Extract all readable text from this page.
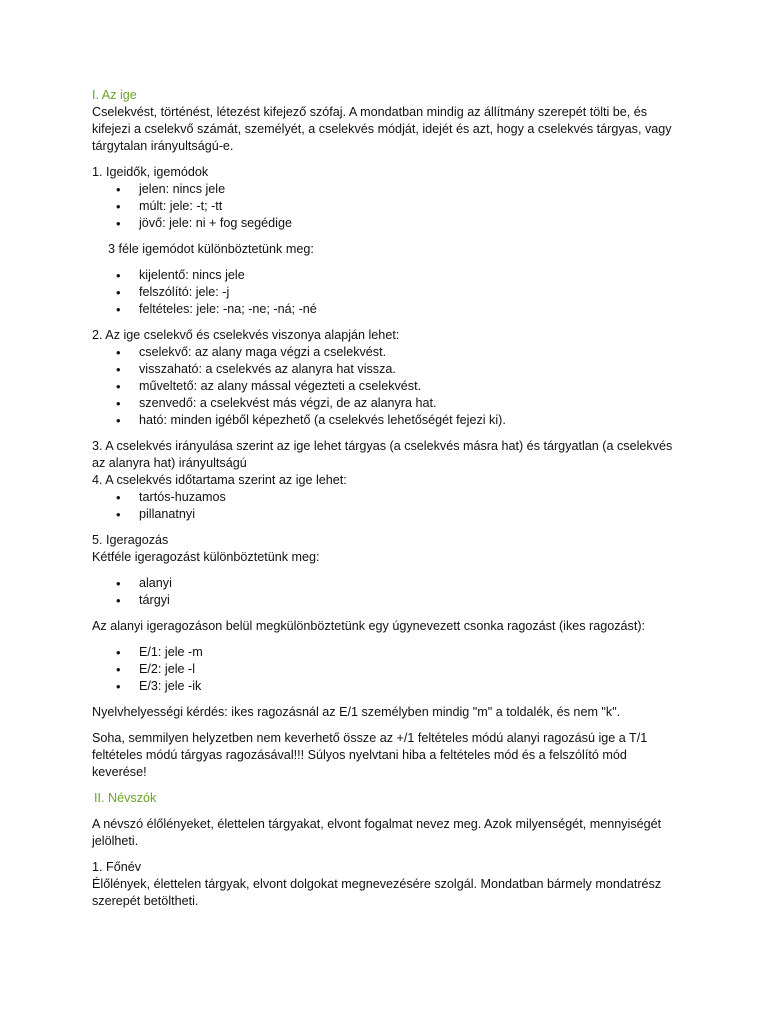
I. Az ige

Cselekvést, történést, létezést kifejező szófaj. A mondatban mindig az állítmány szerepét tölti be, és kifejezi a cselekvő számát, személyét, a cselekvés módját, idejét és azt, hogy a cselekvés tárgyas, vagy tárgytalan irányultságú-e.

1. Igeidők, igemódok

• jelen: nincs jele
• múlt: jele: -t; -tt
• jövő: jele: ni + fog segédige

3 féle igemódot különböztetünk meg:

• kijelentő: nincs jele
• felszólító: jele: -j
• feltételes: jele: -na; -ne; -ná; -né

2. Az ige cselekvő és cselekvés viszonya alapján lehet:

• cselekvő: az alany maga végzi a cselekvést.
• visszaható: a cselekvés az alanyra hat vissza.
• műveltető: az alany mással végezteti a cselekvést.
• szenvedő: a cselekvést más végzi, de az alanyra hat.
• ható: minden igéből képezhető (a cselekvés lehetőségét fejezi ki).

3. A cselekvés irányulása szerint az ige lehet tárgyas (a cselekvés másra hat) és tárgyatlan (a cselekvés az alanyra hat) irányultságú

4. A cselekvés időtartama szerint az ige lehet:

• tartós-huzamos
• pillanatnyi

5. Igeragozás

Kétféle igeragozást különböztetünk meg:

• alanyi
• tárgyi

Az alanyi igeragozáson belül megkülönböztetünk egy úgynevezett csonka ragozást (ikes ragozást):

• E/1: jele -m
• E/2: jele -l
• E/3: jele -ik

Nyelvhelyességi kérdés: ikes ragozásnál az E/1 személyben mindig "m" a toldalék, és nem "k".

Soha, semmilyen helyzetben nem keverhető össze az +/1 feltételes módú alanyi ragozású ige a T/1 feltételes módú tárgyas ragozásával!!! Súlyos nyelvtani hiba a feltételes mód és a felszólító mód keverése!

II. Névszók

A névszó élőlényeket, élettelen tárgyakat, elvont fogalmat nevez meg. Azok milyenségét, mennyiségét jelölheti.

1. Főnév

Élőlények, élettelen tárgyak, elvont dolgokat megnevezésére szolgál. Mondatban bármely mondatrész szerepét betöltheti.
